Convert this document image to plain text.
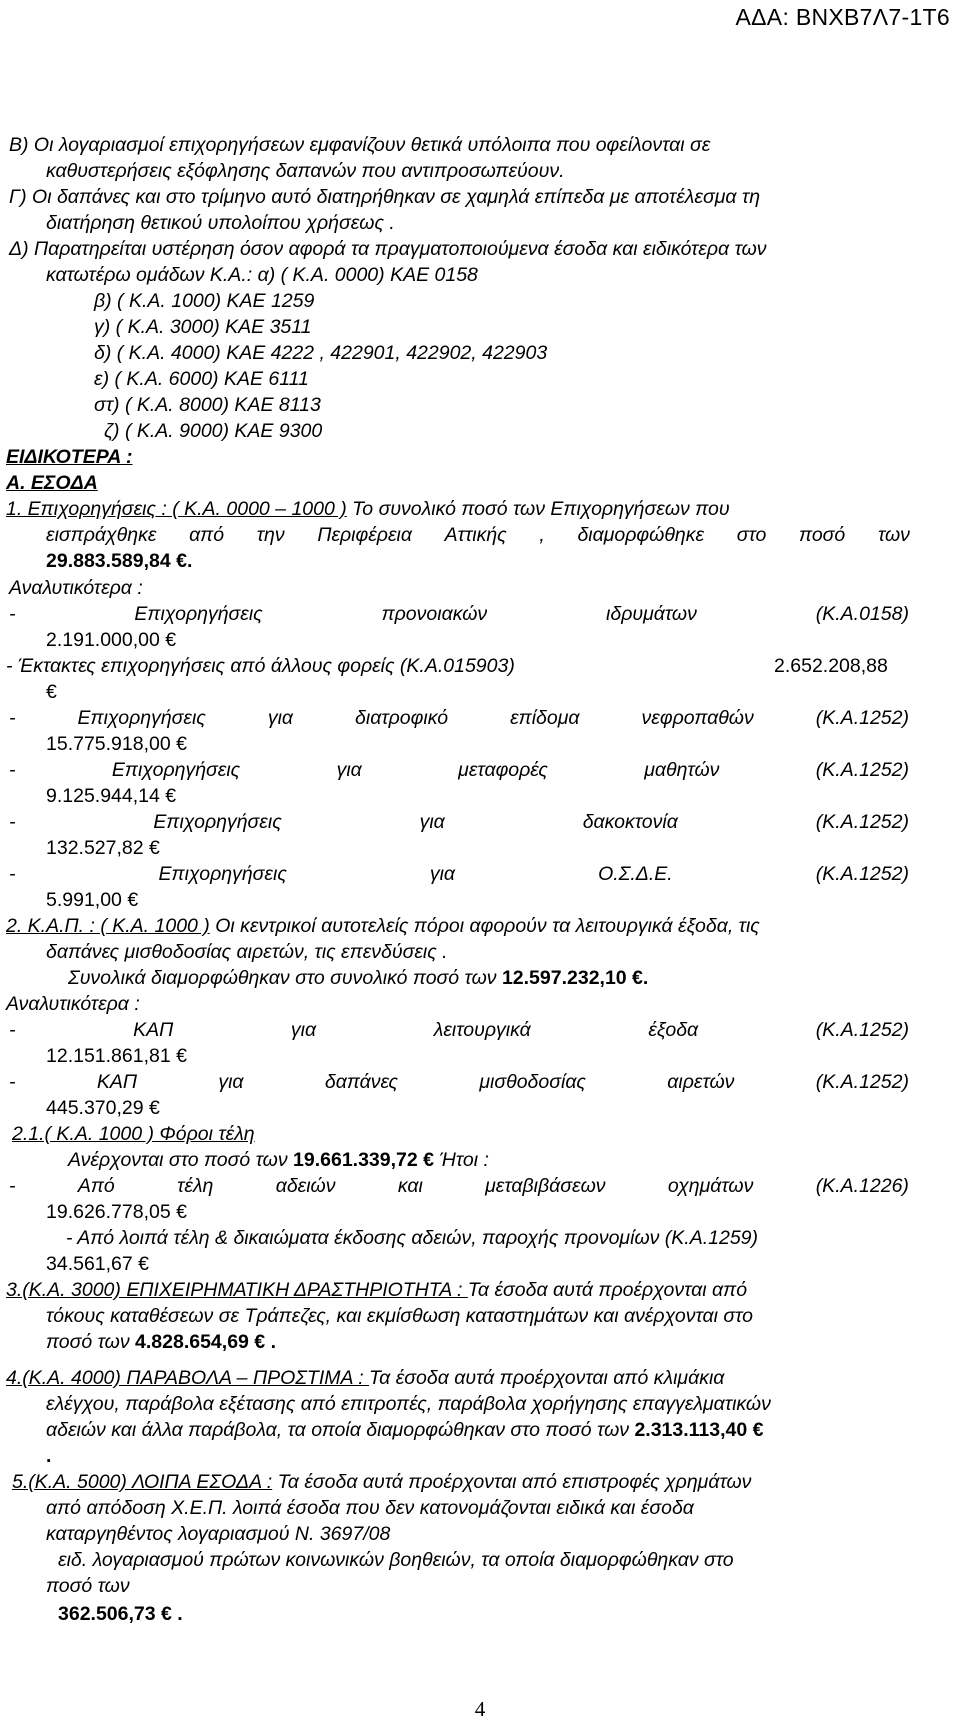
ΑΔΑ: ΒΝΧΒ7Λ7-1Τ6
Β) Οι λογαριασμοί επιχορηγήσεων εμφανίζουν θετικά υπόλοιπα που οφείλονται σε
καθυστερήσεις εξόφλησης δαπανών που αντιπροσωπεύουν.
Γ) Οι δαπάνες και στο τρίμηνο αυτό διατηρήθηκαν σε χαμηλά επίπεδα με αποτέλεσμα τη
διατήρηση θετικού υπολοίπου χρήσεως .
Δ) Παρατηρείται υστέρηση όσον αφορά τα πραγματοποιούμενα έσοδα και ειδικότερα των
κατωτέρω ομάδων Κ.Α.: α) ( Κ.Α. 0000) ΚΑΕ 0158
β) ( Κ.Α. 1000) ΚΑΕ 1259
γ) ( Κ.Α. 3000) ΚΑΕ 3511
δ) ( Κ.Α. 4000) ΚΑΕ 4222 , 422901, 422902, 422903
ε) ( Κ.Α. 6000) ΚΑΕ 6111
στ) ( Κ.Α. 8000) ΚΑΕ 8113
ζ) ( Κ.Α. 9000) ΚΑΕ 9300
ΕΙΔΙΚΟΤΕΡΑ :
Α. ΕΣΟΔΑ
1. Επιχορηγήσεις : ( Κ.Α. 0000 – 1000 ) Το συνολικό ποσό των Επιχορηγήσεων που
εισπράχθηκε από την Περιφέρεια Αττικής , διαμορφώθηκε στο ποσό των
29.883.589,84 €.
Αναλυτικότερα :
-	Επιχορηγήσεις	προνοιακών	ιδρυμάτων	(Κ.Α.0158)
2.191.000,00 €
- Έκτακτες επιχορηγήσεις από άλλους φορείς (Κ.Α.015903)	2.652.208,88
€
-	Επιχορηγήσεις	για	διατροφικό	επίδομα	νεφροπαθών	(Κ.Α.1252)
15.775.918,00 €
-	Επιχορηγήσεις	για	μεταφορές	μαθητών	(Κ.Α.1252)
9.125.944,14 €
-	Επιχορηγήσεις	για	δακοκτονία	(Κ.Α.1252)
132.527,82 €
-	Επιχορηγήσεις	για	Ο.Σ.Δ.Ε.	(Κ.Α.1252)
5.991,00 €
2. Κ.Α.Π. : ( Κ.Α. 1000 ) Οι κεντρικοί αυτοτελείς πόροι αφορούν τα λειτουργικά έξοδα, τις
δαπάνες μισθοδοσίας αιρετών, τις επενδύσεις .
Συνολικά διαμορφώθηκαν στο συνολικό ποσό των 12.597.232,10 €.
Αναλυτικότερα :
-	ΚΑΠ	για	λειτουργικά	έξοδα	(Κ.Α.1252)
12.151.861,81 €
-	ΚΑΠ	για	δαπάνες	μισθοδοσίας	αιρετών	(Κ.Α.1252)
445.370,29 €
2.1.( Κ.Α. 1000 ) Φόροι τέλη
Ανέρχονται στο ποσό των 19.661.339,72 € Ήτοι :
-	Από	τέλη	αδειών	και	μεταβιβάσεων	οχημάτων	(Κ.Α.1226)
19.626.778,05 €
- Από λοιπά τέλη & δικαιώματα έκδοσης αδειών, παροχής προνομίων (Κ.Α.1259)
34.561,67 €
3.(Κ.Α. 3000) ΕΠΙΧΕΙΡΗΜΑΤΙΚΗ ΔΡΑΣΤΗΡΙΟΤΗΤΑ : Τα έσοδα αυτά προέρχονται από
τόκους καταθέσεων σε Τράπεζες, και εκμίσθωση καταστημάτων και ανέρχονται στο
ποσό των 4.828.654,69 € .
4.(Κ.Α. 4000) ΠΑΡΑΒΟΛΑ – ΠΡΟΣΤΙΜΑ : Τα έσοδα αυτά προέρχονται από κλιμάκια
ελέγχου, παράβολα εξέτασης από επιτροπές, παράβολα χορήγησης επαγγελματικών
αδειών και άλλα παράβολα, τα οποία διαμορφώθηκαν στο ποσό των 2.313.113,40 €
.
5.(Κ.Α. 5000) ΛΟΙΠΑ ΕΣΟΔΑ : Τα έσοδα αυτά προέρχονται από επιστροφές χρημάτων
από απόδοση Χ.Ε.Π. λοιπά έσοδα που δεν κατονομάζονται ειδικά και έσοδα
καταργηθέντος λογαριασμού Ν. 3697/08
ειδ. λογαριασμού πρώτων κοινωνικών βοηθειών, τα οποία διαμορφώθηκαν στο
ποσό των
362.506,73 € .
4
